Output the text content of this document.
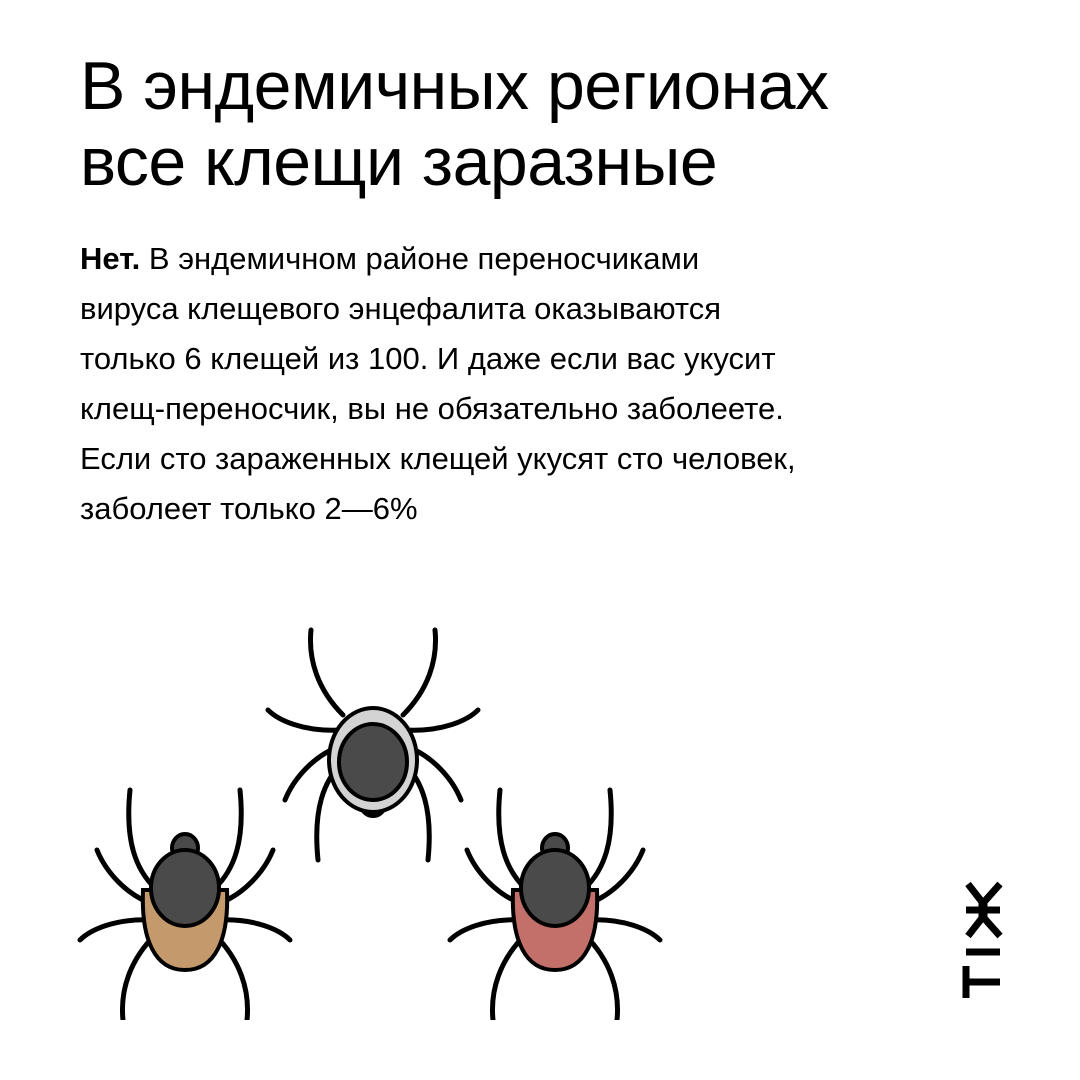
В эндемичных регионах
все клещи заразные
Нет. В эндемичном районе переносчиками
вируса клещевого энцефалита оказываются
только 6 клещей из 100. И даже если вас укусит
клещ-переносчик, вы не обязательно заболеете.
Если сто зараженных клещей укусят сто человек,
заболеет только 2—6%
